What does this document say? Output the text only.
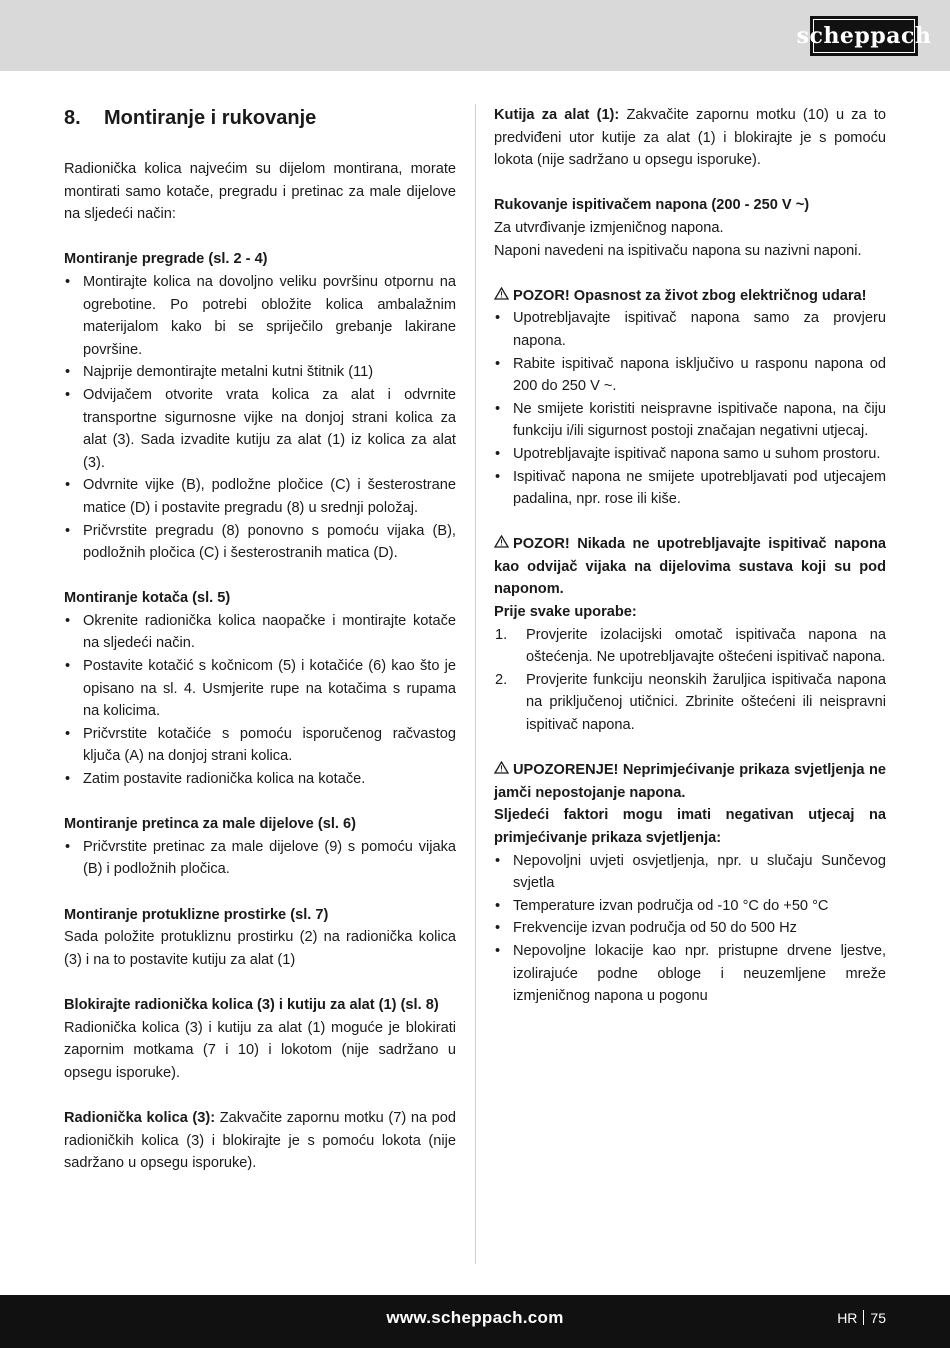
scheppach
8.	Montiranje i rukovanje

Radionička kolica najvećim su dijelom montirana, morate montirati samo kotače, pregradu i pretinac za male dijelove na sljedeći način:

Montiranje pregrade (sl. 2 - 4)
• Montirajte kolica na dovoljno veliku površinu otpornu na ogrebotine. Po potrebi obložite kolica ambalažnim materijalom kako bi se spriječilo grebanje lakirane površine.
• Najprije demontirajte metalni kutni štitnik (11)
• Odvijačem otvorite vrata kolica za alat i odvrnite transportne sigurnosne vijke na donjoj strani kolica za alat (3). Sada izvadite kutiju za alat (1) iz kolica za alat (3).
• Odvrnite vijke (B), podložne pločice (C) i šesterostrane matice (D) i postavite pregradu (8) u srednji položaj.
• Pričvrstite pregradu (8) ponovno s pomoću vijaka (B), podložnih pločica (C) i šesterostranih matica (D).
Montiranje kotača (sl. 5)
• Okrenite radionička kolica naopačke i montirajte kotače na sljedeći način.
• Postavite kotačić s kočnicom (5) i kotačiće (6) kao što je opisano na sl. 4. Usmjerite rupe na kotačima s rupama na kolicima.
• Pričvrstite kotačiće s pomoću isporučenog račvastog ključa (A) na donjoj strani kolica.
• Zatim postavite radionička kolica na kotače.
Montiranje pretinca za male dijelove (sl. 6)
• Pričvrstite pretinac za male dijelove (9) s pomoću vijaka (B) i podložnih pločica.
Montiranje protuklizne prostirke (sl. 7)

Sada položite protukliznu prostirku (2) na radionička kolica (3) i na to postavite kutiju za alat (1)

Blokirajte radionička kolica (3) i kutiju za alat (1) (sl. 8)

Radionička kolica (3) i kutiju za alat (1) moguće je blokirati zapornim motkama (7 i 10) i lokotom (nije sadržano u opsegu isporuke).

Radionička kolica (3): Zakvačite zapornu motku (7) na pod radioničkih kolica (3) i blokirajte je s pomoću lokota (nije sadržano u opsegu isporuke).

Kutija za alat (1): Zakvačite zapornu motku (10) u za to predviđeni utor kutije za alat (1) i blokirajte je s pomoću lokota (nije sadržano u opsegu isporuke).

Rukovanje ispitivačem napona (200 - 250 V ~)

Za utvrđivanje izmjeničnog napona.

Naponi navedeni na ispitivaču napona su nazivni naponi.

POZOR! Opasnost za život zbog električnog udara!
• Upotrebljavajte ispitivač napona samo za provjeru napona.
• Rabite ispitivač napona isključivo u rasponu napona od 200 do 250 V ~.
• Ne smijete koristiti neispravne ispitivače napona, na čiju funkciju i/ili sigurnost postoji značajan negativni utjecaj.
• Upotrebljavajte ispitivač napona samo u suhom prostoru.
• Ispitivač napona ne smijete upotrebljavati pod utjecajem padalina, npr. rose ili kiše.
POZOR! Nikada ne upotrebljavajte ispitivač napona kao odvijač vijaka na dijelovima sustava koji su pod naponom.
Prije svake uporabe:
1. Provjerite izolacijski omotač ispitivača napona na oštećenja. Ne upotrebljavajte oštećeni ispitivač napona.
2. Provjerite funkciju neonskih žaruljica ispitivača napona na priključenoj utičnici. Zbrinite oštećeni ili neispravni ispitivač napona.
UPOZORENJE! Neprimjećivanje prikaza svjetljenja ne jamči nepostojanje napona.
Sljedeći faktori mogu imati negativan utjecaj na primjećivanje prikaza svjetljenja:
• Nepovoljni uvjeti osvjetljenja, npr. u slučaju Sunčevog svjetla
• Temperature izvan područja od -10 °C do +50 °C
• Frekvencije izvan područja od 50 do 500 Hz
• Nepovoljne lokacije kao npr. pristupne drvene ljestve, izolirajuće podne obloge i neuzemljene mreže izmjeničnog napona u pogonu
www.scheppach.com	HR 75
